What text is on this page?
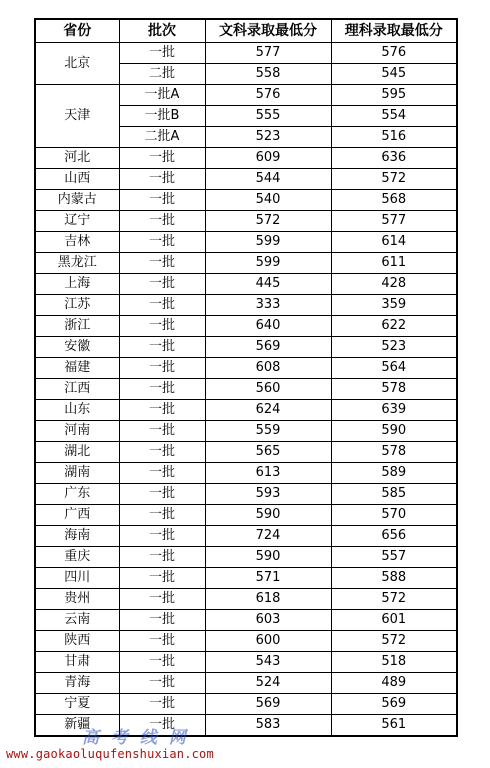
省份	批次	文科录取最低分	理科录取最低分
北京	一批	577	576
	二批	558	545
天津	一批A	576	595
	一批B	555	554
	二批A	523	516
河北	一批	609	636
山西	一批	544	572
内蒙古	一批	540	568
辽宁	一批	572	577
吉林	一批	599	614
黑龙江	一批	599	611
上海	一批	445	428
江苏	一批	333	359
浙江	一批	640	622
安徽	一批	569	523
福建	一批	608	564
江西	一批	560	578
山东	一批	624	639
河南	一批	559	590
湖北	一批	565	578
湖南	一批	613	589
广东	一批	593	585
广西	一批	590	570
海南	一批	724	656
重庆	一批	590	557
四川	一批	571	588
贵州	一批	618	572
云南	一批	603	601
陕西	一批	600	572
甘肃	一批	543	518
青海	一批	524	489
宁夏	一批	569	569
新疆	一批	583	561
高 考 线 网
www.gaokaoluqufenshuxian.com
